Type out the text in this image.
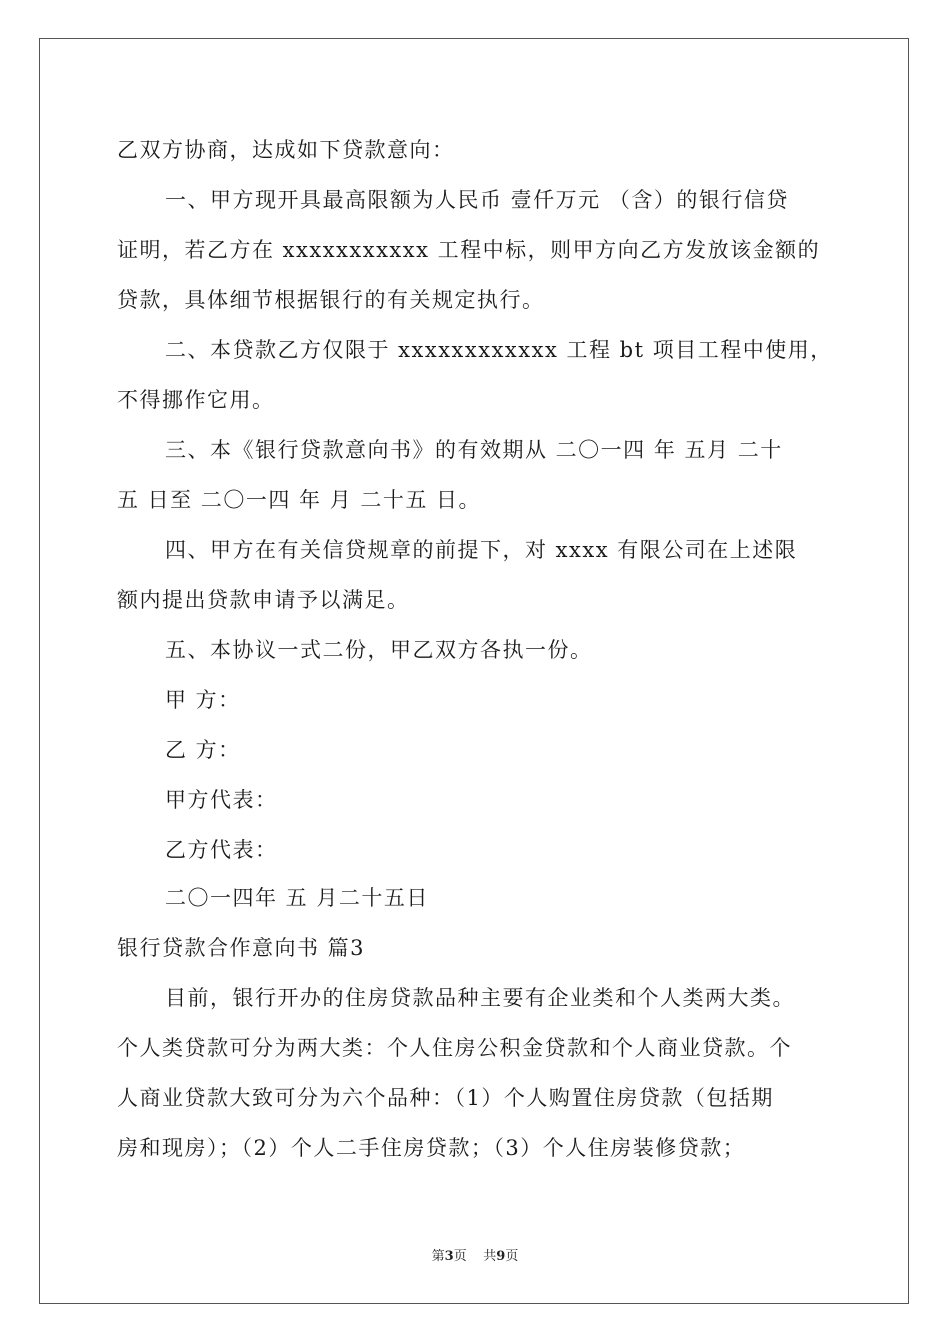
乙双方协商，达成如下贷款意向：
一、甲方现开具最高限额为人民币 壹仟万元 （含）的银行信贷
证明，若乙方在 xxxxxxxxxxx 工程中标，则甲方向乙方发放该金额的
贷款，具体细节根据银行的有关规定执行。
二、本贷款乙方仅限于 xxxxxxxxxxxx 工程 bt 项目工程中使用，
不得挪作它用。
三、本《银行贷款意向书》的有效期从 二〇一四 年 五月 二十
五 日至 二〇一四 年 月 二十五 日。
四、甲方在有关信贷规章的前提下，对 xxxx 有限公司在上述限
额内提出贷款申请予以满足。
五、本协议一式二份，甲乙双方各执一份。
甲 方：
乙 方：
甲方代表：
乙方代表：
二〇一四年 五 月二十五日
银行贷款合作意向书 篇3
目前，银行开办的住房贷款品种主要有企业类和个人类两大类。
个人类贷款可分为两大类：个人住房公积金贷款和个人商业贷款。个
人商业贷款大致可分为六个品种：（1）个人购置住房贷款（包括期
房和现房）；（2）个人二手住房贷款；（3）个人住房装修贷款；
第3页 共9页
